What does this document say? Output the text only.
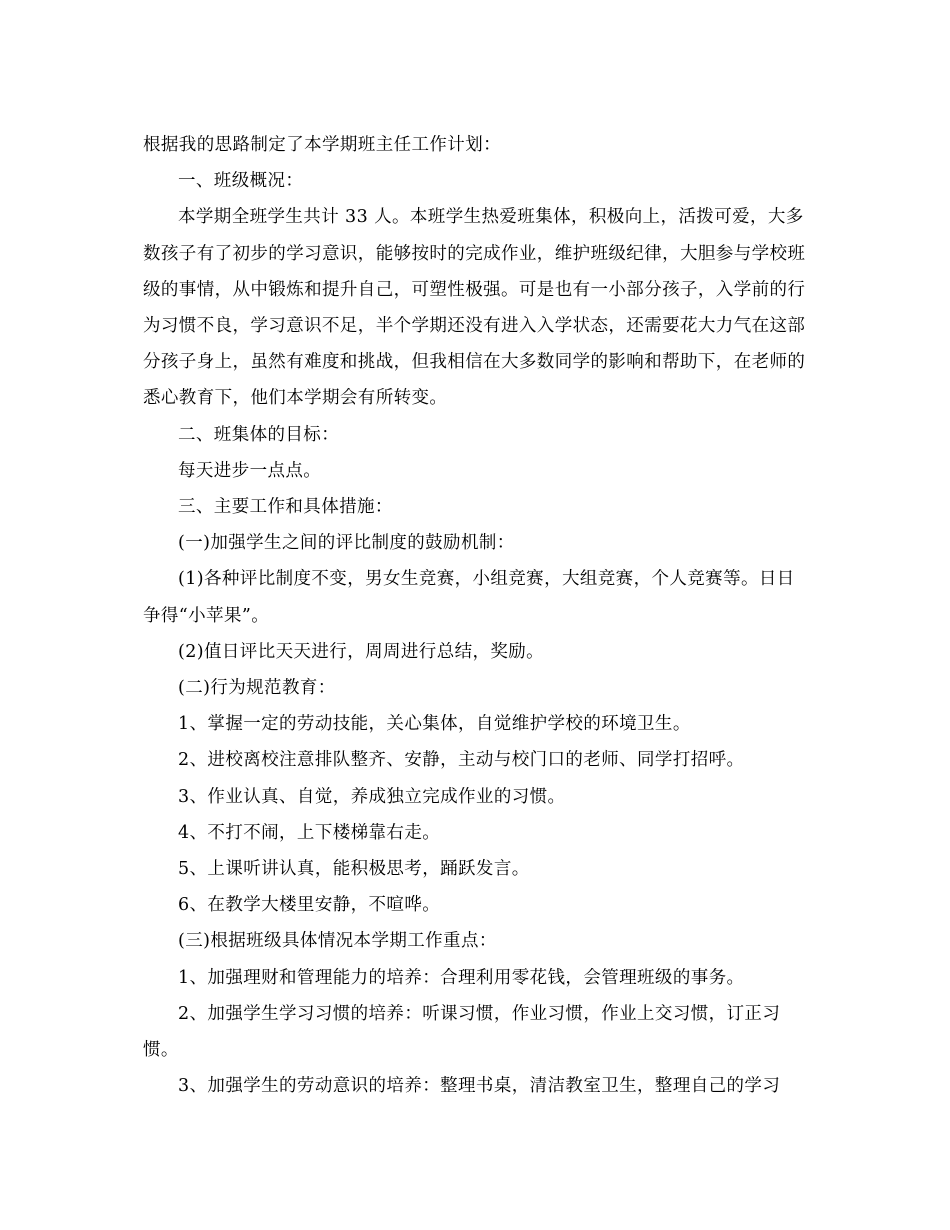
根据我的思路制定了本学期班主任工作计划：

一、班级概况：

本学期全班学生共计 33 人。本班学生热爱班集体，积极向上，活拨可爱，大多数孩子有了初步的学习意识，能够按时的完成作业，维护班级纪律，大胆参与学校班级的事情，从中锻炼和提升自己，可塑性极强。可是也有一小部分孩子，入学前的行为习惯不良，学习意识不足，半个学期还没有进入入学状态，还需要花大力气在这部分孩子身上，虽然有难度和挑战，但我相信在大多数同学的影响和帮助下，在老师的悉心教育下，他们本学期会有所转变。

二、班集体的目标：

每天进步一点点。

三、主要工作和具体措施：

(一)加强学生之间的评比制度的鼓励机制：

(1)各种评比制度不变，男女生竞赛，小组竞赛，大组竞赛，个人竞赛等。日日争得“小苹果”。

(2)值日评比天天进行，周周进行总结，奖励。

(二)行为规范教育：

1、掌握一定的劳动技能，关心集体，自觉维护学校的环境卫生。

2、进校离校注意排队整齐、安静，主动与校门口的老师、同学打招呼。

3、作业认真、自觉，养成独立完成作业的习惯。

4、不打不闹，上下楼梯靠右走。

5、上课听讲认真，能积极思考，踊跃发言。

6、在教学大楼里安静，不喧哗。

(三)根据班级具体情况本学期工作重点：

1、加强理财和管理能力的培养：合理利用零花钱，会管理班级的事务。

2、加强学生学习习惯的培养：听课习惯，作业习惯，作业上交习惯，订正习惯。

3、加强学生的劳动意识的培养：整理书桌，清洁教室卫生，整理自己的学习
